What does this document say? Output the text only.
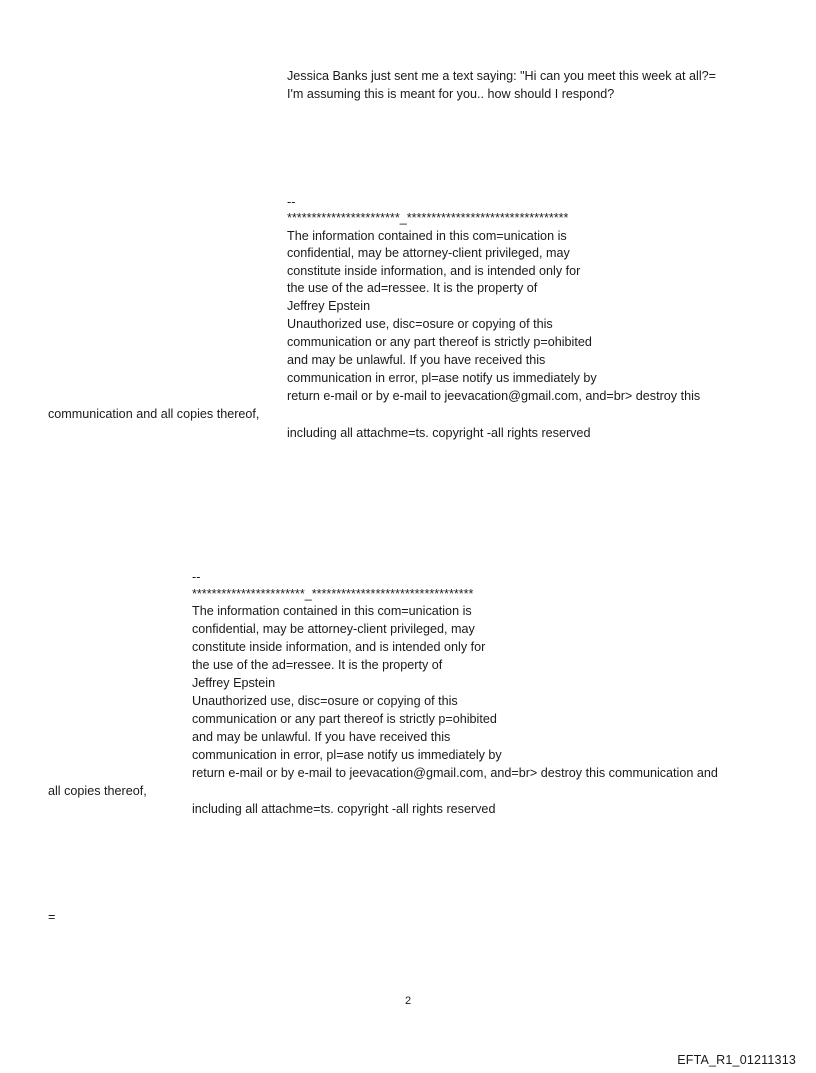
Jessica Banks just sent me a text saying: "Hi can you meet this week at all?=

I'm assuming this is meant for you.. how should I respond?

--

***********************_*********************************

The information contained in this com=unication is

confidential, may be attorney-client privileged, may

constitute inside information, and is intended only for

the use of the ad=ressee. It is the property of

Jeffrey Epstein

Unauthorized use, disc=osure or copying of this

communication or any part thereof is strictly p=ohibited

and may be unlawful. If you have received this

communication in error, pl=ase notify us immediately by

return e-mail or by e-mail to jeevacation@gmail.com, and=br> destroy this

communication and all copies thereof,

including all attachme=ts. copyright -all rights reserved

--

***********************_*********************************

The information contained in this com=unication is

confidential, may be attorney-client privileged, may

constitute inside information, and is intended only for

the use of the ad=ressee. It is the property of

Jeffrey Epstein

Unauthorized use, disc=osure or copying of this

communication or any part thereof is strictly p=ohibited

and may be unlawful. If you have received this

communication in error, pl=ase notify us immediately by

return e-mail or by e-mail to jeevacation@gmail.com, and=br> destroy this communication and

all copies thereof,

including all attachme=ts. copyright -all rights reserved

=

2
EFTA_R1_01211313
